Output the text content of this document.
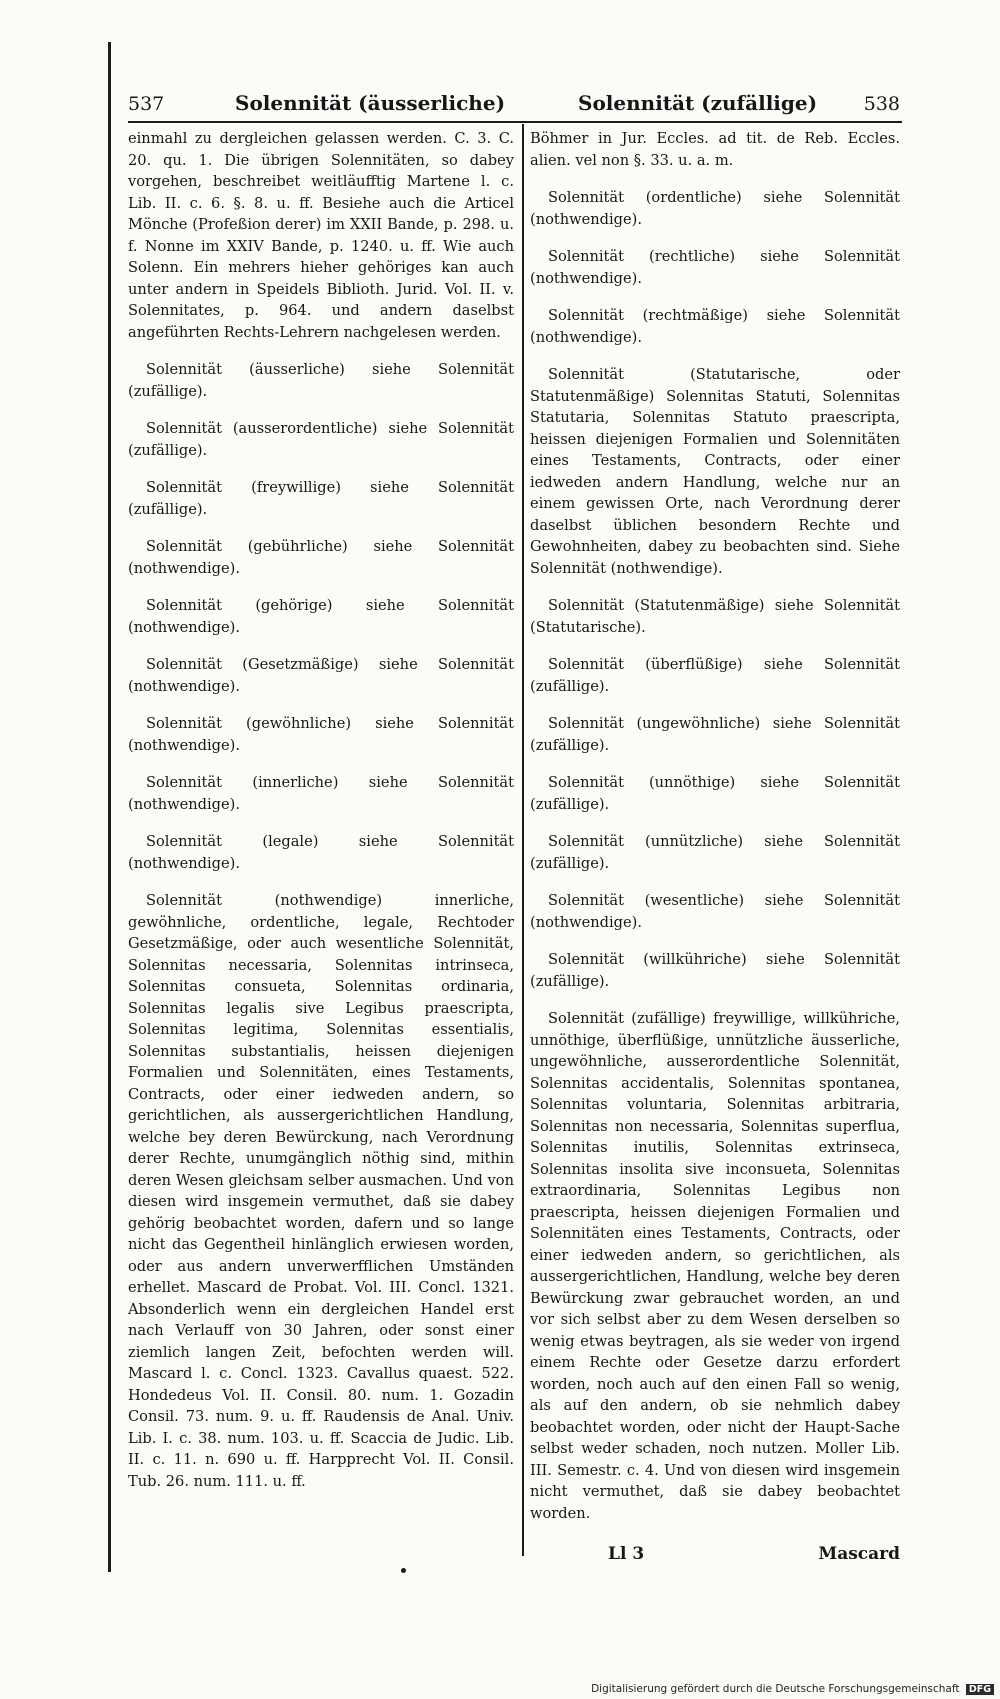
537	Solennität (äusserliche)	Solennität (zufällige) 538

einmahl zu dergleichen gelassen werden. C. 3. C. 20. qu. 1. Die übrigen Solennitäten, so dabey vorgehen, beschreibet weitläufftig Martene l. c. Lib. II. c. 6. §. 8. u. ff. Besiehe auch die Articel Mönche (Profeßion derer) im XXII Bande, p. 298. u. f. Nonne im XXIV Bande, p. 1240. u. ff. Wie auch Solenn. Ein mehrers hieher gehöriges kan auch unter andern in Speidels Biblioth. Jurid. Vol. II. v. Solennitates, p. 964. und andern daselbst angeführten Rechts-Lehrern nachgelesen werden.

Solennität (äusserliche) siehe Solennität (zufällige).

Solennität (ausserordentliche) siehe Solennität (zufällige).

Solennität (freywillige) siehe Solennität (zufällige).

Solennität (gebührliche) siehe Solennität (nothwendige).

Solennität (gehörige) siehe Solennität (nothwendige).

Solennität (Gesetzmäßige) siehe Solennität (nothwendige).

Solennität (gewöhnliche) siehe Solennität (nothwendige).

Solennität (innerliche) siehe Solennität (nothwendige).

Solennität (legale) siehe Solennität (nothwendige).

Solennität (nothwendige) innerliche, gewöhnliche, ordentliche, legale, Rechtoder Gesetzmäßige, oder auch wesentliche Solennität, Solennitas necessaria, Solennitas intrinseca, Solennitas consueta, Solennitas ordinaria, Solennitas legalis sive Legibus praescripta, Solennitas legitima, Solennitas essentialis, Solennitas substantialis, heissen diejenigen Formalien und Solennitäten, eines Testaments, Contracts, oder einer iedweden andern, so gerichtlichen, als aussergerichtlichen Handlung, welche bey deren Bewürckung, nach Verordnung derer Rechte, unumgänglich nöthig sind, mithin deren Wesen gleichsam selber ausmachen. Und von diesen wird insgemein vermuthet, daß sie dabey gehörig beobachtet worden, dafern und so lange nicht das Gegentheil hinlänglich erwiesen worden, oder aus andern unverwerfflichen Umständen erhellet. Mascard de Probat. Vol. III. Concl. 1321. Absonderlich wenn ein dergleichen Handel erst nach Verlauff von 30 Jahren, oder sonst einer ziemlich langen Zeit, befochten werden will. Mascard l. c. Concl. 1323. Cavallus quaest. 522. Hondedeus Vol. II. Consil. 80. num. 1. Gozadin Consil. 73. num. 9. u. ff. Raudensis de Anal. Univ. Lib. I. c. 38. num. 103. u. ff. Scaccia de Judic. Lib. II. c. 11. n. 690 u. ff. Harpprecht Vol. II. Consil. Tub. 26. num. 111. u. ff.

Böhmer in Jur. Eccles. ad tit. de Reb. Eccles. alien. vel non §. 33. u. a. m.

Solennität (ordentliche) siehe Solennität (nothwendige).

Solennität (rechtliche) siehe Solennität (nothwendige).

Solennität (rechtmäßige) siehe Solennität (nothwendige).

Solennität (Statutarische, oder Statutenmäßige) Solennitas Statuti, Solennitas Statutaria, Solennitas Statuto praescripta, heissen diejenigen Formalien und Solennitäten eines Testaments, Contracts, oder einer iedweden andern Handlung, welche nur an einem gewissen Orte, nach Verordnung derer daselbst üblichen besondern Rechte und Gewohnheiten, dabey zu beobachten sind. Siehe Solennität (nothwendige).

Solennität (Statutenmäßige) siehe Solennität (Statutarische).

Solennität (überflüßige) siehe Solennität (zufällige).

Solennität (ungewöhnliche) siehe Solennität (zufällige).

Solennität (unnöthige) siehe Solennität (zufällige).

Solennität (unnützliche) siehe Solennität (zufällige).

Solennität (wesentliche) siehe Solennität (nothwendige).

Solennität (willkühriche) siehe Solennität (zufällige).

Solennität (zufällige) freywillige, willkühriche, unnöthige, überflüßige, unnützliche äusserliche, ungewöhnliche, ausserordentliche Solennität, Solennitas accidentalis, Solennitas spontanea, Solennitas voluntaria, Solennitas arbitraria, Solennitas non necessaria, Solennitas superflua, Solennitas inutilis, Solennitas extrinseca, Solennitas insolita sive inconsueta, Solennitas extraordinaria, Solennitas Legibus non praescripta, heissen diejenigen Formalien und Solennitäten eines Testaments, Contracts, oder einer iedweden andern, so gerichtlichen, als aussergerichtlichen, Handlung, welche bey deren Bewürckung zwar gebrauchet worden, an und vor sich selbst aber zu dem Wesen derselben so wenig etwas beytragen, als sie weder von irgend einem Rechte oder Gesetze darzu erfordert worden, noch auch auf den einen Fall so wenig, als auf den andern, ob sie nehmlich dabey beobachtet worden, oder nicht der Haupt-Sache selbst weder schaden, noch nutzen. Moller Lib. III. Semestr. c. 4. Und von diesen wird insgemein nicht vermuthet, daß sie dabey beobachtet worden.

Ll 3	Mascard
Digitalisierung gefördert durch die Deutsche Forschungsgemeinschaft DFG
